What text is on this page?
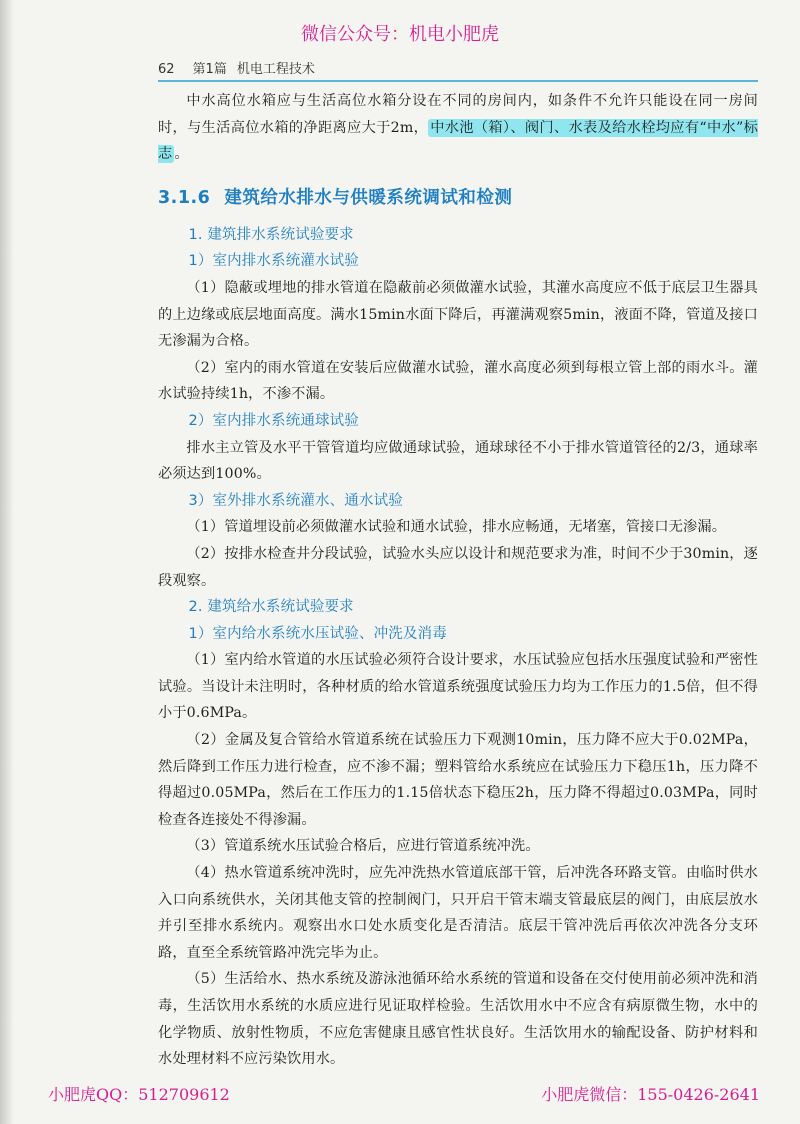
微信公众号：机电小肥虎
62 第1篇 机电工程技术

中水高位水箱应与生活高位水箱分设在不同的房间内，如条件不允许只能设在同一房间时，与生活高位水箱的净距离应大于2m， 中水池（箱）、阀门、水表及给水栓均应有“中水”标志 。

3.1.6 建筑给水排水与供暖系统调试和检测
1. 建筑排水系统试验要求
1）室内排水系统灌水试验

（1）隐蔽或埋地的排水管道在隐蔽前必须做灌水试验，其灌水高度应不低于底层卫生器具的上边缘或底层地面高度。满水15min水面下降后，再灌满观察5min，液面不降，管道及接口无渗漏为合格。

（2）室内的雨水管道在安装后应做灌水试验，灌水高度必须到每根立管上部的雨水斗。灌水试验持续1h，不渗不漏。

2）室内排水系统通球试验

排水主立管及水平干管管道均应做通球试验，通球球径不小于排水管道管径的2/3，通球率必须达到100%。

3）室外排水系统灌水、通水试验

（1）管道埋设前必须做灌水试验和通水试验，排水应畅通，无堵塞，管接口无渗漏。

（2）按排水检查井分段试验，试验水头应以设计和规范要求为准，时间不少于30min，逐段观察。

2. 建筑给水系统试验要求
1）室内给水系统水压试验、冲洗及消毒

（1）室内给水管道的水压试验必须符合设计要求，水压试验应包括水压强度试验和严密性试验。当设计未注明时，各种材质的给水管道系统强度试验压力均为工作压力的1.5倍，但不得小于0.6MPa。

（2）金属及复合管给水管道系统在试验压力下观测10min，压力降不应大于0.02MPa，然后降到工作压力进行检查，应不渗不漏；塑料管给水系统应在试验压力下稳压1h，压力降不得超过0.05MPa，然后在工作压力的1.15倍状态下稳压2h，压力降不得超过0.03MPa，同时检查各连接处不得渗漏。

（3）管道系统水压试验合格后，应进行管道系统冲洗。

（4）热水管道系统冲洗时，应先冲洗热水管道底部干管，后冲洗各环路支管。由临时供水入口向系统供水，关闭其他支管的控制阀门，只开启干管末端支管最底层的阀门，由底层放水并引至排水系统内。观察出水口处水质变化是否清洁。底层干管冲洗后再依次冲洗各分支环路，直至全系统管路冲洗完毕为止。

（5）生活给水、热水系统及游泳池循环给水系统的管道和设备在交付使用前必须冲洗和消毒，生活饮用水系统的水质应进行见证取样检验。生活饮用水中不应含有病原微生物，水中的化学物质、放射性物质，不应危害健康且感官性状良好。生活饮用水的输配设备、防护材料和水处理材料不应污染饮用水。

小肥虎QQ：512709612	小肥虎微信：155-0426-2641
